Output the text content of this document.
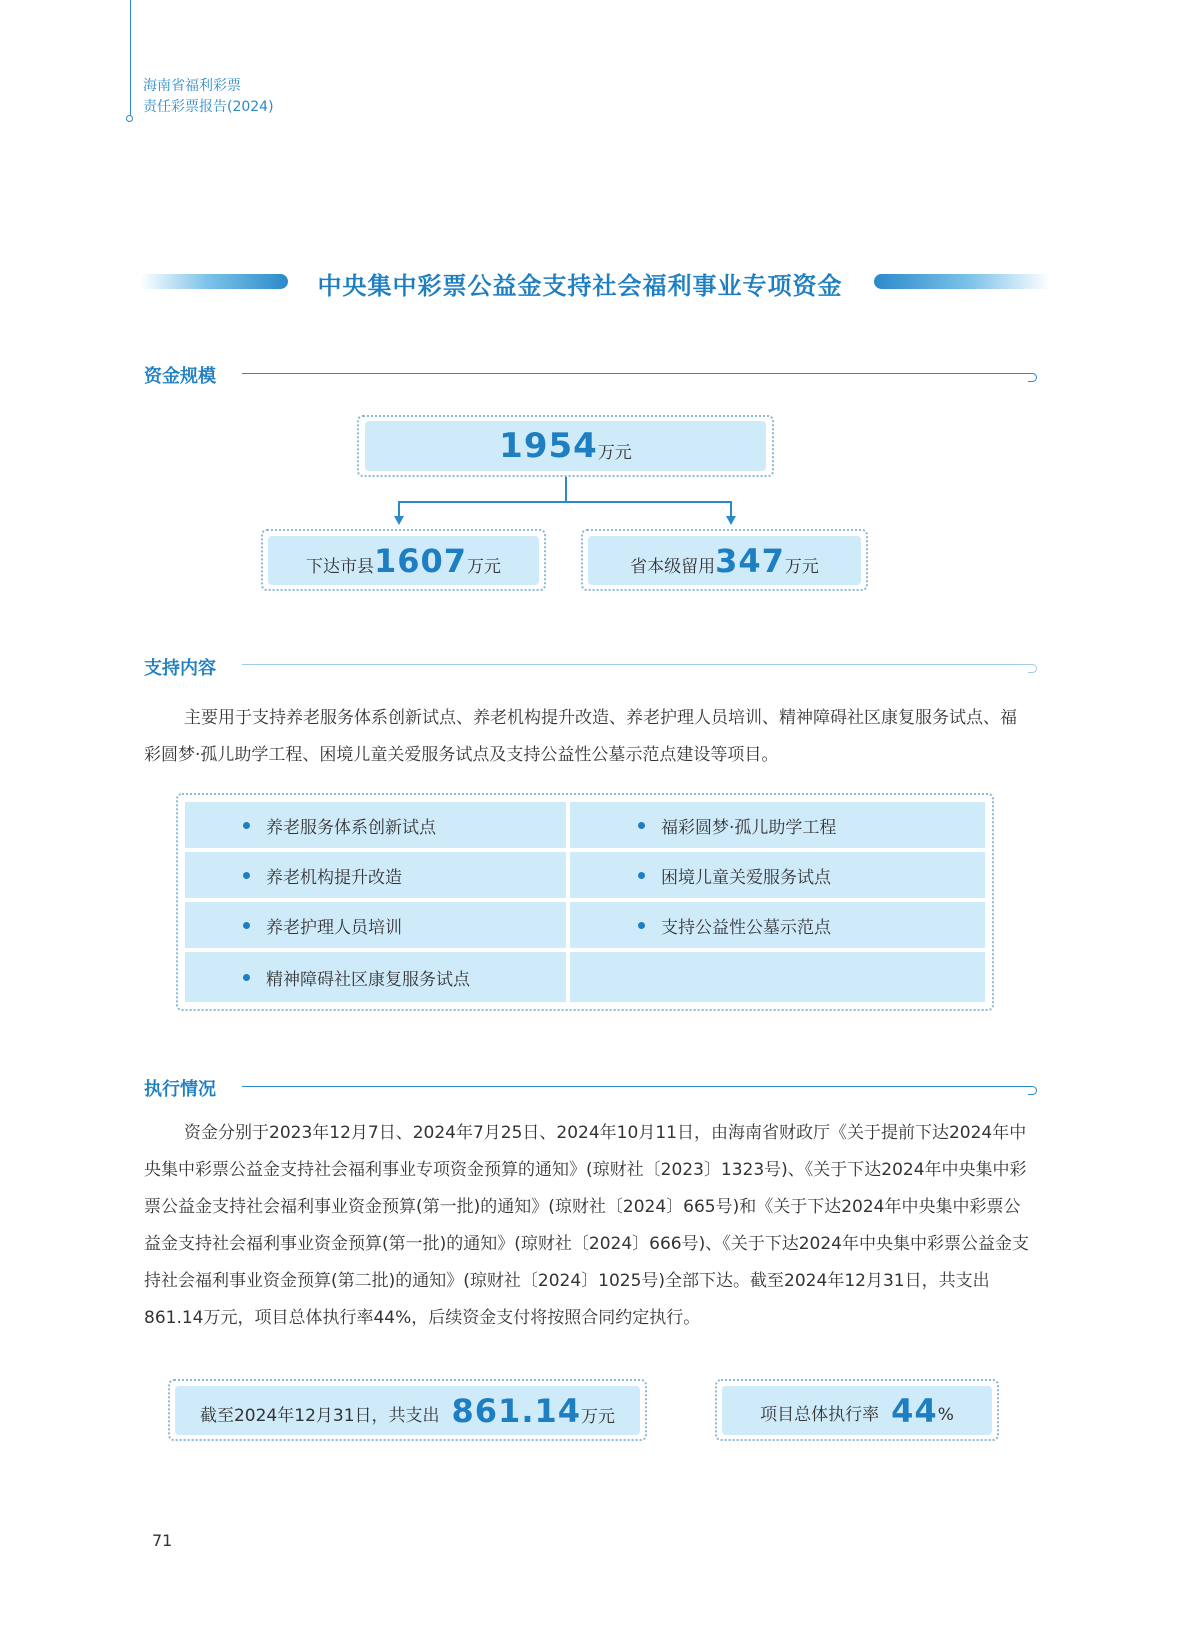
海南省福利彩票
责任彩票报告(2024)
中央集中彩票公益金支持社会福利事业专项资金
资金规模
1954 万元
下达市县 1607 万元	省本级留用 347 万元
支持内容
主要用于支持养老服务体系创新试点、养老机构提升改造、养老护理人员培训、精神障碍社区康复服务试点、福彩圆梦·孤儿助学工程、困境儿童关爱服务试点及支持公益性公墓示范点建设等项目。
养老服务体系创新试点
养老机构提升改造
养老护理人员培训
精神障碍社区康复服务试点
福彩圆梦·孤儿助学工程
困境儿童关爱服务试点
支持公益性公墓示范点
执行情况
资金分别于2023年12月7日、2024年7月25日、2024年10月11日，由海南省财政厅《关于提前下达2024年中央集中彩票公益金支持社会福利事业专项资金预算的通知》(琼财社〔2023〕1323号)、《关于下达2024年中央集中彩票公益金支持社会福利事业资金预算(第一批)的通知》(琼财社〔2024〕665号)和《关于下达2024年中央集中彩票公益金支持社会福利事业资金预算(第一批)的通知》(琼财社〔2024〕666号)、《关于下达2024年中央集中彩票公益金支持社会福利事业资金预算(第二批)的通知》(琼财社〔2024〕1025号)全部下达。截至2024年12月31日，共支出861.14万元，项目总体执行率44%，后续资金支付将按照合同约定执行。
截至2024年12月31日，共支出 861.14 万元	项目总体执行率 44 %
71
